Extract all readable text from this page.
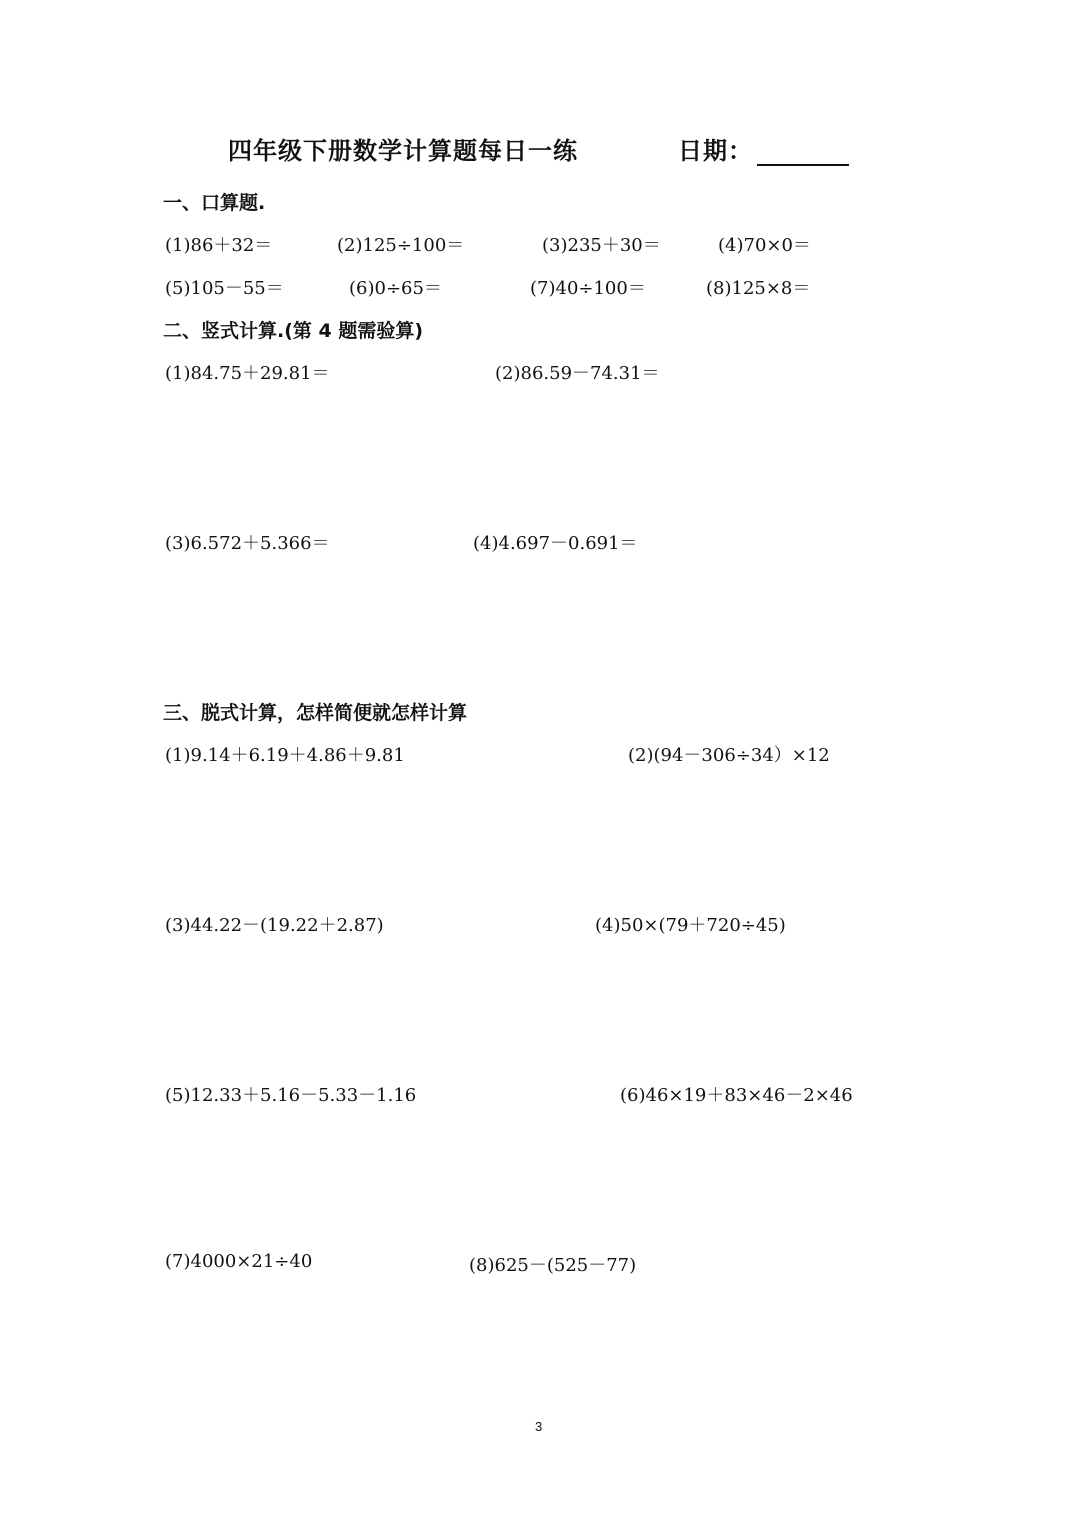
四年级下册数学计算题每日一练	日期：
一、口算题.
(1)86＋32＝	(2)125÷100＝	(3)235＋30＝	(4)70×0＝
(5)105－55＝	(6)0÷65＝	(7)40÷100＝	(8)125×8＝
二、竖式计算.(第 4 题需验算)
(1)84.75＋29.81＝	(2)86.59－74.31＝
(3)6.572＋5.366＝	(4)4.697－0.691＝
三、脱式计算，怎样简便就怎样计算
(1)9.14＋6.19＋4.86＋9.81	(2)(94－306÷34）×12
(3)44.22－(19.22＋2.87)	(4)50×(79＋720÷45)
(5)12.33＋5.16－5.33－1.16	(6)46×19＋83×46－2×46
(7)4000×21÷40	(8)625－(525－77)
3
